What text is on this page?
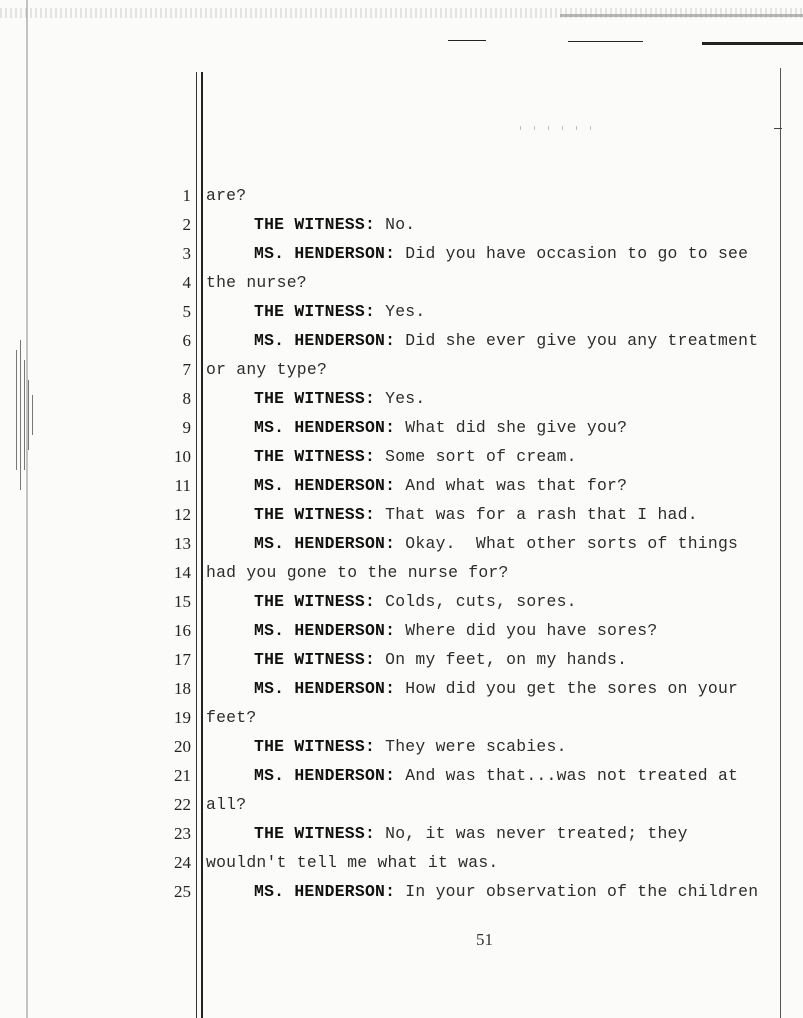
1 are?
2	THE WITNESS: No.
3	MS. HENDERSON: Did you have occasion to go to see
4 the nurse?
5	THE WITNESS: Yes.
6	MS. HENDERSON: Did she ever give you any treatment
7 or any type?
8	THE WITNESS: Yes.
9	MS. HENDERSON: What did she give you?
10	THE WITNESS: Some sort of cream.
11	MS. HENDERSON: And what was that for?
12	THE WITNESS: That was for a rash that I had.
13	MS. HENDERSON: Okay.  What other sorts of things
14 had you gone to the nurse for?
15	THE WITNESS: Colds, cuts, sores.
16	MS. HENDERSON: Where did you have sores?
17	THE WITNESS: On my feet, on my hands.
18	MS. HENDERSON: How did you get the sores on your
19 feet?
20	THE WITNESS: They were scabies.
21	MS. HENDERSON: And was that...was not treated at
22 all?
23	THE WITNESS: No, it was never treated; they
24 wouldn't tell me what it was.
25	MS. HENDERSON: In your observation of the children
51
